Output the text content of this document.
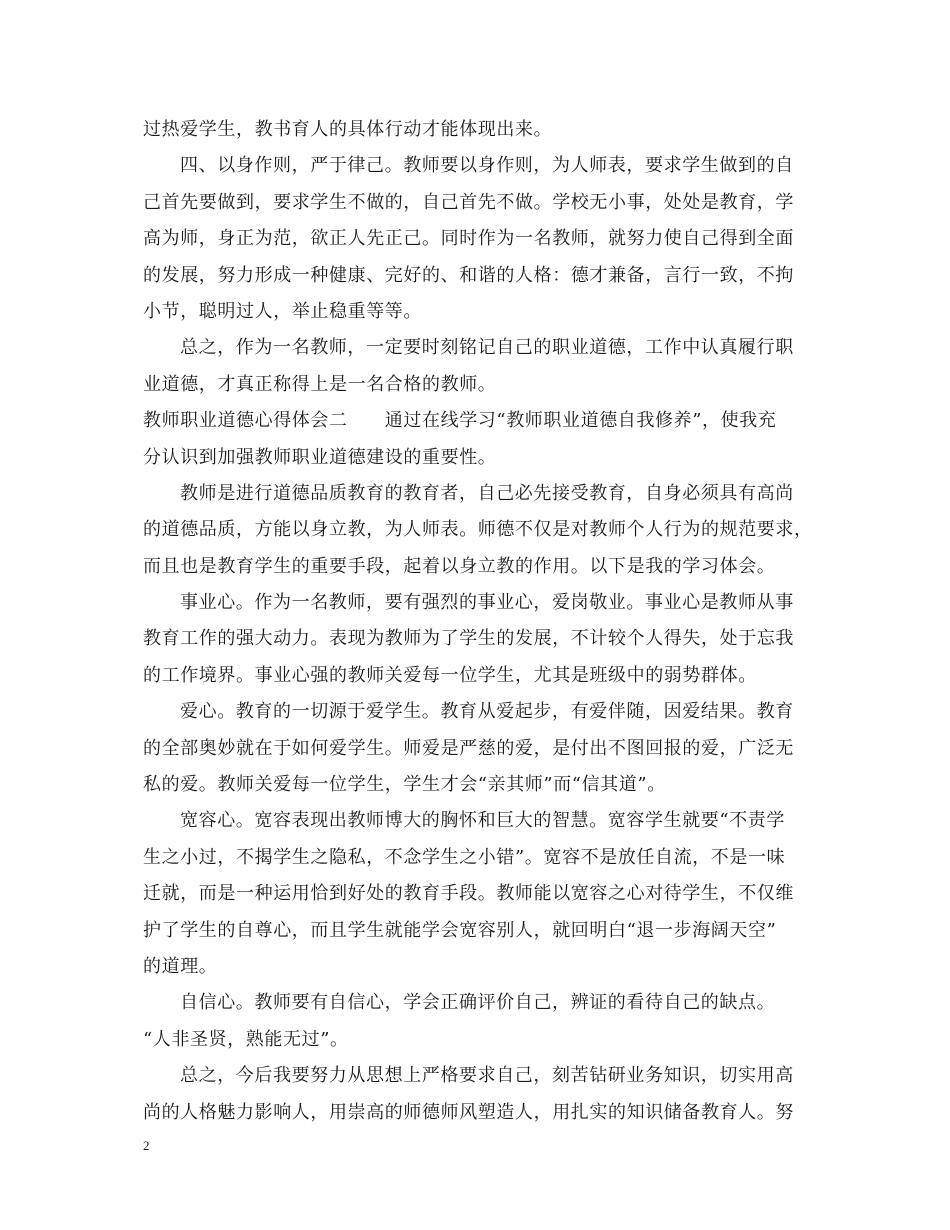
过热爱学生，教书育人的具体行动才能体现出来。
四、以身作则，严于律己。教师要以身作则，为人师表，要求学生做到的自
己首先要做到，要求学生不做的，自己首先不做。学校无小事，处处是教育，学
高为师，身正为范，欲正人先正己。同时作为一名教师，就努力使自己得到全面
的发展，努力形成一种健康、完好的、和谐的人格：德才兼备，言行一致，不拘
小节，聪明过人，举止稳重等等。
总之，作为一名教师，一定要时刻铭记自己的职业道德，工作中认真履行职
业道德，才真正称得上是一名合格的教师。
教师职业道德心得体会二　　通过在线学习“教师职业道德自我修养”，使我充
分认识到加强教师职业道德建设的重要性。
教师是进行道德品质教育的教育者，自己必先接受教育，自身必须具有高尚
的道德品质，方能以身立教，为人师表。师德不仅是对教师个人行为的规范要求，
而且也是教育学生的重要手段，起着以身立教的作用。以下是我的学习体会。
事业心。作为一名教师，要有强烈的事业心，爱岗敬业。事业心是教师从事
教育工作的强大动力。表现为教师为了学生的发展，不计较个人得失，处于忘我
的工作境界。事业心强的教师关爱每一位学生，尤其是班级中的弱势群体。
爱心。教育的一切源于爱学生。教育从爱起步，有爱伴随，因爱结果。教育
的全部奥妙就在于如何爱学生。师爱是严慈的爱，是付出不图回报的爱，广泛无
私的爱。教师关爱每一位学生，学生才会“亲其师”而“信其道”。
宽容心。宽容表现出教师博大的胸怀和巨大的智慧。宽容学生就要“不责学
生之小过，不揭学生之隐私，不念学生之小错”。宽容不是放任自流，不是一味
迁就，而是一种运用恰到好处的教育手段。教师能以宽容之心对待学生，不仅维
护了学生的自尊心，而且学生就能学会宽容别人，就回明白“退一步海阔天空”
的道理。
自信心。教师要有自信心，学会正确评价自己，辨证的看待自己的缺点。
“人非圣贤，熟能无过”。
总之，今后我要努力从思想上严格要求自己，刻苦钻研业务知识，切实用高
尚的人格魅力影响人，用崇高的师德师风塑造人，用扎实的知识储备教育人。努
2
